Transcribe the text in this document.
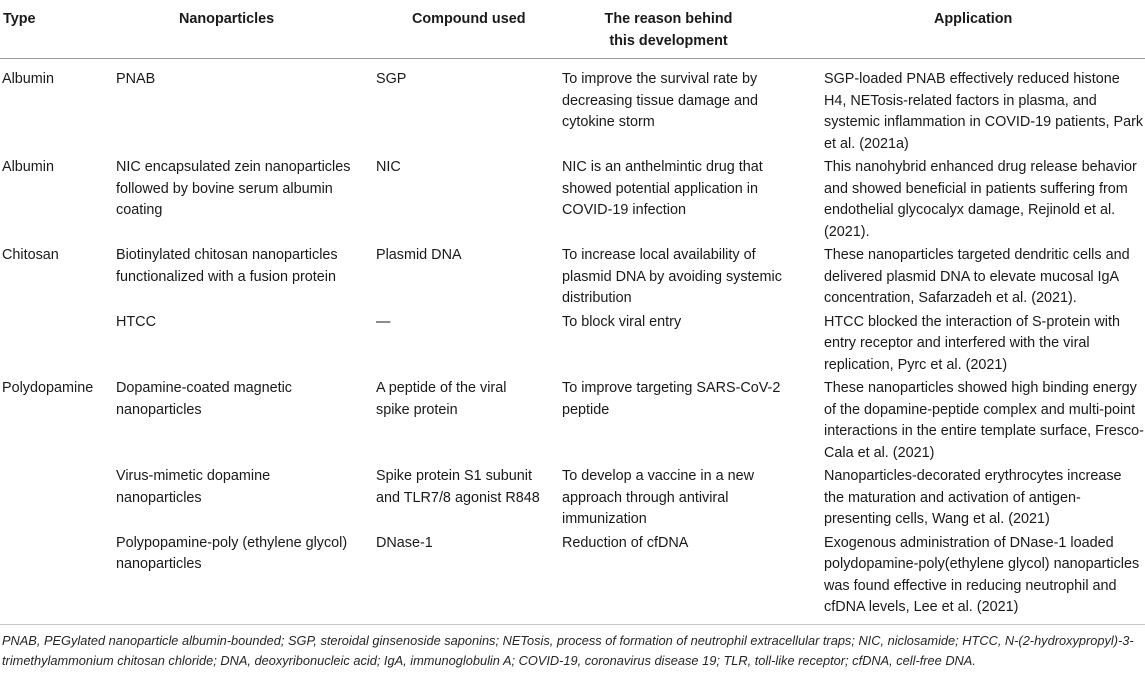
Type	Nanoparticles	Compound used	The reason behind this development	Application
Albumin	PNAB	SGP	To improve the survival rate by decreasing tissue damage and cytokine storm	SGP-loaded PNAB effectively reduced histone H4, NETosis-related factors in plasma, and systemic inflammation in COVID-19 patients, Park et al. (2021a)
Albumin	NIC encapsulated zein nanoparticles followed by bovine serum albumin coating	NIC	NIC is an anthelmintic drug that showed potential application in COVID-19 infection	This nanohybrid enhanced drug release behavior and showed beneficial in patients suffering from endothelial glycocalyx damage, Rejinold et al. (2021).
Chitosan	Biotinylated chitosan nanoparticles functionalized with a fusion protein	Plasmid DNA	To increase local availability of plasmid DNA by avoiding systemic distribution	These nanoparticles targeted dendritic cells and delivered plasmid DNA to elevate mucosal IgA concentration, Safarzadeh et al. (2021).
	HTCC	—	To block viral entry	HTCC blocked the interaction of S-protein with entry receptor and interfered with the viral replication, Pyrc et al. (2021)
Polydopamine	Dopamine-coated magnetic nanoparticles	A peptide of the viral spike protein	To improve targeting SARS-CoV-2 peptide	These nanoparticles showed high binding energy of the dopamine-peptide complex and multi-point interactions in the entire template surface, Fresco-Cala et al. (2021)
	Virus-mimetic dopamine nanoparticles	Spike protein S1 subunit and TLR7/8 agonist R848	To develop a vaccine in a new approach through antiviral immunization	Nanoparticles-decorated erythrocytes increase the maturation and activation of antigen-presenting cells, Wang et al. (2021)
	Polypopamine-poly (ethylene glycol) nanoparticles	DNase-1	Reduction of cfDNA	Exogenous administration of DNase-1 loaded polydopamine-poly(ethylene glycol) nanoparticles was found effective in reducing neutrophil and cfDNA levels, Lee et al. (2021)
PNAB, PEGylated nanoparticle albumin-bounded; SGP, steroidal ginsenoside saponins; NETosis, process of formation of neutrophil extracellular traps; NIC, niclosamide; HTCC, N-(2-hydroxypropyl)-3-trimethylammonium chitosan chloride; DNA, deoxyribonucleic acid; IgA, immunoglobulin A; COVID-19, coronavirus disease 19; TLR, toll-like receptor; cfDNA, cell-free DNA.
